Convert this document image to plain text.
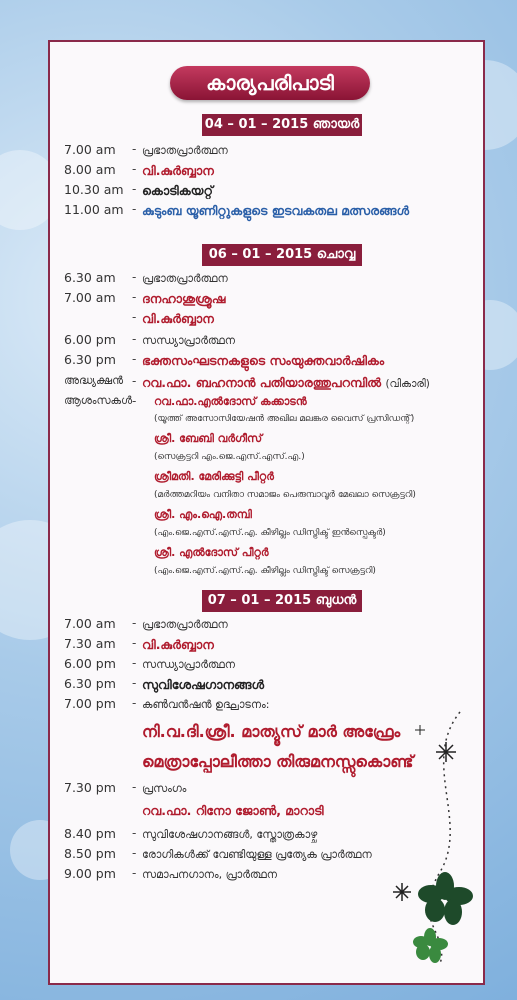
കാര്യപരിപാടി
04 – 01 – 2015 ഞായർ
7.00 am	- പ്രഭാതപ്രാർത്ഥന
8.00 am	- വി.കുർബ്ബാന
10.30 am - കൊടികയറ്റ്
11.00 am - കുടുംബ യൂണിറ്റുകളുടെ ഇടവകതല മത്സരങ്ങൾ
06 – 01 – 2015 ചൊവ്വ
6.30 am	- പ്രഭാതപ്രാർത്ഥന
7.00 am	- ദനഹാശുശ്രൂഷ
- വി.കുർബ്ബാന
6.00 pm	- സന്ധ്യാപ്രാർത്ഥന
6.30 pm	- ഭക്തസംഘടനകളുടെ സംയുക്തവാർഷികം
അദ്ധ്യക്ഷൻ - റവ.ഫാ. ബഹനാൻ പതിയാരത്തുപറമ്പിൽ (വികാരി)
ആശംസകൾ - റവ.ഫാ.എൽദോസ് കക്കാടൻ
(യൂത്ത് അസോസിയേഷൻ അഖില മലങ്കര വൈസ് പ്രസിഡന്റ്)
ശ്രീ. ബേബി വർഗീസ്
(സെക്രട്ടറി എം.ജെ.എസ്.എസ്.എ.)
ശ്രീമതി. മേരിക്കുട്ടി പീറ്റർ
(മർത്തമറിയം വനിതാ സമാജം പെരുമ്പാവൂർ മേഖലാ സെക്രട്ടറി)
ശ്രീ. എം.ഐ.തമ്പി
(എം.ജെ.എസ്.എസ്.എ. കീഴില്ലം ഡിസ്ട്രിക്ട് ഇൻസ്പെക്ടർ)
ശ്രീ. എൽദോസ് പീറ്റർ
(എം.ജെ.എസ്.എസ്.എ. കീഴില്ലം ഡിസ്ട്രിക്ട് സെക്രട്ടറി)
07 – 01 – 2015 ബുധൻ
7.00 am	- പ്രഭാതപ്രാർത്ഥന
7.30 am	- വി.കുർബ്ബാന
6.00 pm	- സന്ധ്യാപ്രാർത്ഥന
6.30 pm	- സുവിശേഷഗാനങ്ങൾ
7.00 pm	- കൺവൻഷൻ ഉദ്ഘാടനം:
നി.വ.ദി.ശ്രീ. മാത്യൂസ് മാർ അഫ്രേം
മെത്രാപ്പോലീത്താ തിരുമനസ്സുകൊണ്ട്
7.30 pm	- പ്രസംഗം
റവ.ഫാ. റിനോ ജോൺ, മാറാടി
8.40 pm	- സുവിശേഷഗാനങ്ങൾ, സ്തോത്രകാഴ്ച
8.50 pm	- രോഗികൾക്ക് വേണ്ടിയുള്ള പ്രത്യേക പ്രാർത്ഥന
9.00 pm	- സമാപനഗാനം, പ്രാർത്ഥന
